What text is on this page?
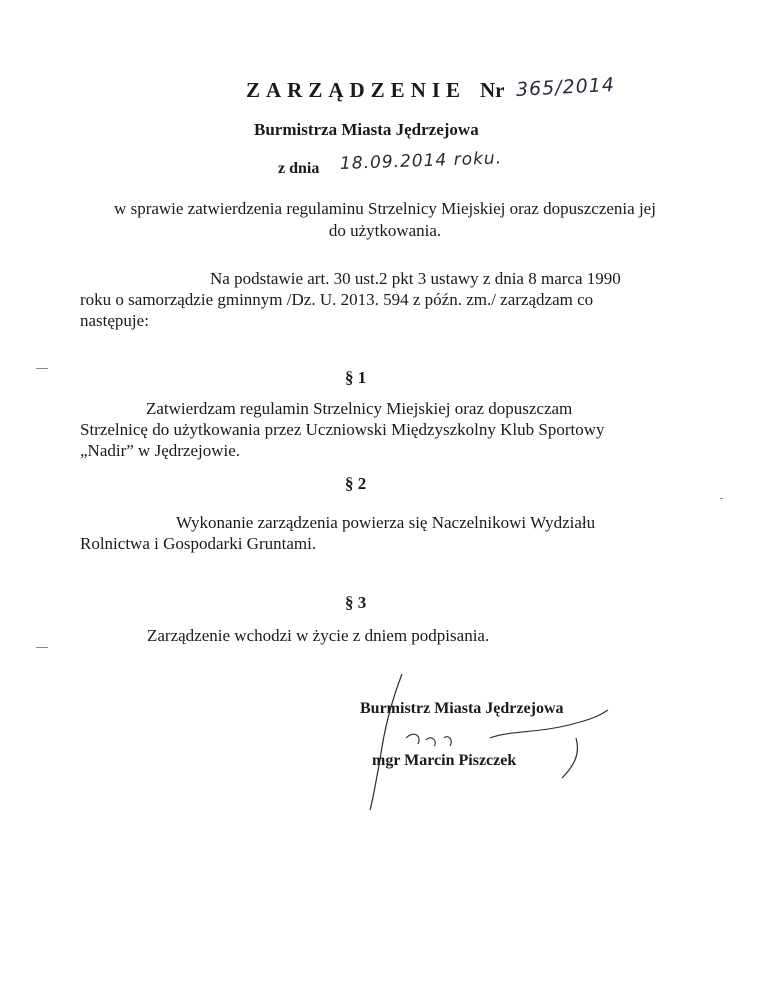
ZARZĄDZENIE Nr 365/2014
Burmistrza Miasta Jędrzejowa
z dnia 18.09.2014 roku.
w sprawie zatwierdzenia regulaminu Strzelnicy Miejskiej oraz dopuszczenia jej
do użytkowania.
Na podstawie art. 30 ust.2 pkt 3 ustawy z dnia 8 marca 1990
roku o samorządzie gminnym /Dz. U. 2013. 594 z późn. zm./ zarządzam co
następuje:
§ 1
Zatwierdzam regulamin Strzelnicy Miejskiej oraz dopuszczam
Strzelnicę do użytkowania przez Uczniowski Międzyszkolny Klub Sportowy
„Nadir” w Jędrzejowie.
§ 2
Wykonanie zarządzenia powierza się Naczelnikowi Wydziału
Rolnictwa i Gospodarki Gruntami.
§ 3
Zarządzenie wchodzi w życie z dniem podpisania.
Burmistrz Miasta Jędrzejowa
mgr Marcin Piszczek
